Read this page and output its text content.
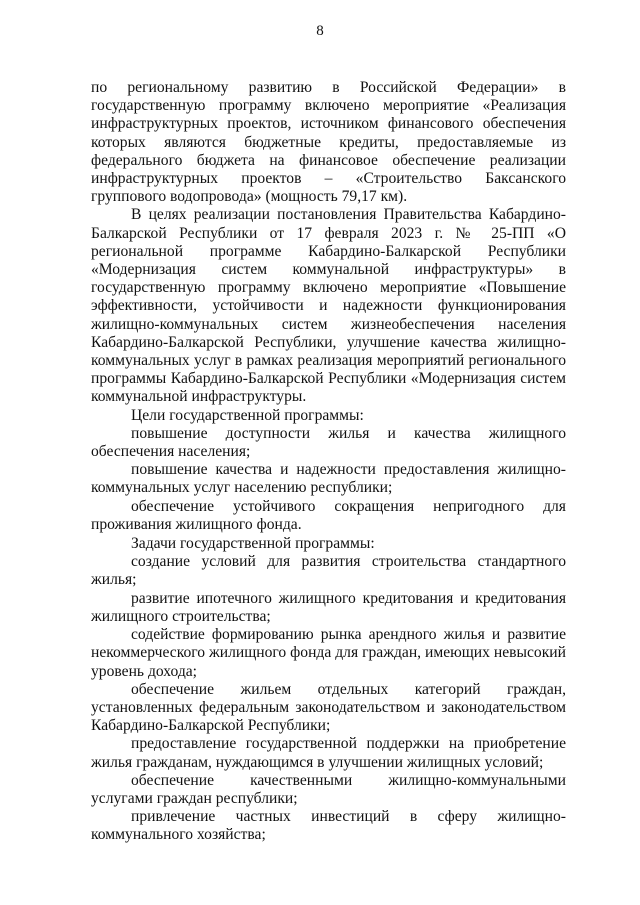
8

по региональному развитию в Российской Федерации» в государственную программу включено мероприятие «Реализация инфраструктурных проектов, источником финансового обеспечения которых являются бюджетные кредиты, предоставляемые из федерального бюджета на финансовое обеспечение реализации инфраструктурных проектов – «Строительство Баксанского группового водопровода» (мощность 79,17 км).

В целях реализации постановления Правительства Кабардино-Балкарской Республики от 17 февраля 2023 г. № 25-ПП «О региональной программе Кабардино-Балкарской Республики «Модернизация систем коммунальной инфраструктуры» в государственную программу включено мероприятие «Повышение эффективности, устойчивости и надежности функционирования жилищно-коммунальных систем жизнеобеспечения населения Кабардино-Балкарской Республики, улучшение качества жилищно-коммунальных услуг в рамках реализация мероприятий регионального программы Кабардино-Балкарской Республики «Модернизация систем коммунальной инфраструктуры.

Цели государственной программы:

повышение доступности жилья и качества жилищного обеспечения населения;

повышение качества и надежности предоставления жилищно-коммунальных услуг населению республики;

обеспечение устойчивого сокращения непригодного для проживания жилищного фонда.

Задачи государственной программы:

создание условий для развития строительства стандартного жилья;

развитие ипотечного жилищного кредитования и кредитования жилищного строительства;

содействие формированию рынка арендного жилья и развитие некоммерческого жилищного фонда для граждан, имеющих невысокий уровень дохода;

обеспечение жильем отдельных категорий граждан, установленных федеральным законодательством и законодательством Кабардино-Балкарской Республики;

предоставление государственной поддержки на приобретение жилья гражданам, нуждающимся в улучшении жилищных условий;

обеспечение качественными жилищно-коммунальными услугами граждан республики;

привлечение частных инвестиций в сферу жилищно-коммунального хозяйства;
